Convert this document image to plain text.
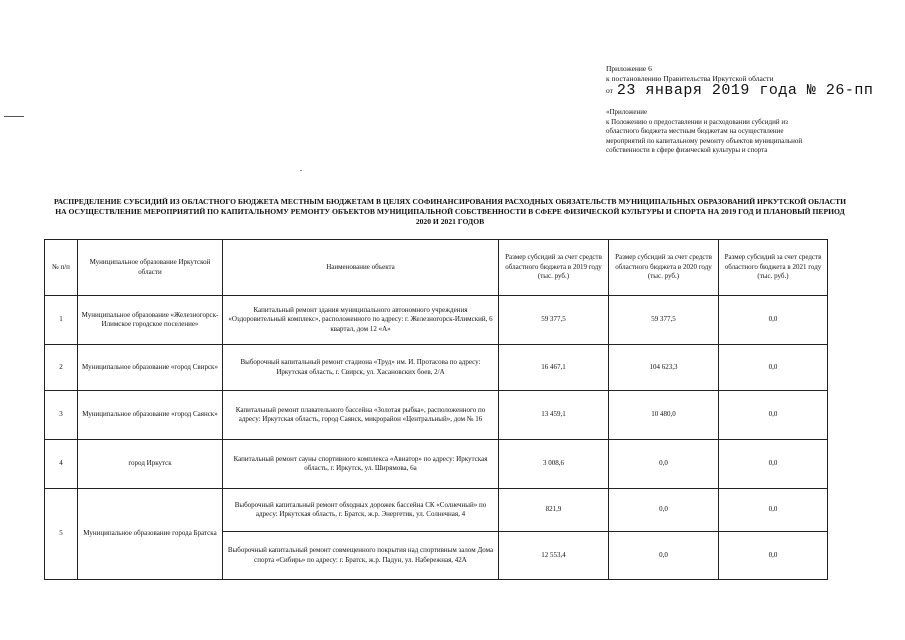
Приложение 6
к постановлению Правительства Иркутской области
от 23 января 2019 года № 26-пп
«Приложение
к Положению о предоставлении и расходовании субсидий из областного бюджета местным бюджетам на осуществление мероприятий по капитальному ремонту объектов муниципальной собственности в сфере физической культуры и спорта
РАСПРЕДЕЛЕНИЕ СУБСИДИЙ ИЗ ОБЛАСТНОГО БЮДЖЕТА МЕСТНЫМ БЮДЖЕТАМ В ЦЕЛЯХ СОФИНАНСИРОВАНИЯ РАСХОДНЫХ ОБЯЗАТЕЛЬСТВ МУНИЦИПАЛЬНЫХ ОБРАЗОВАНИЙ ИРКУТСКОЙ ОБЛАСТИ НА ОСУЩЕСТВЛЕНИЕ МЕРОПРИЯТИЙ ПО КАПИТАЛЬНОМУ РЕМОНТУ ОБЪЕКТОВ МУНИЦИПАЛЬНОЙ СОБСТВЕННОСТИ В СФЕРЕ ФИЗИЧЕСКОЙ КУЛЬТУРЫ И СПОРТА НА 2019 ГОД И ПЛАНОВЫЙ ПЕРИОД 2020 И 2021 ГОДОВ
№ п/п	Муниципальное образование Иркутской области	Наименование объекта	Размер субсидий за счет средств областного бюджета в 2019 году (тыс. руб.)	Размер субсидий за счет средств областного бюджета в 2020 году (тыс. руб.)	Размер субсидий за счет средств областного бюджета в 2021 году (тыс. руб.)
1	Муниципальное образование «Железногорск-Илимское городское поселение»	Капитальный ремонт здания муниципального автономного учреждения «Оздоровительный комплекс», расположенного по адресу: г. Железногорск-Илимский, 6 квартал, дом 12 «А»	59 377,5	59 377,5	0,0
2	Муниципальное образование «город Свирск»	Выборочный капитальный ремонт стадиона «Труд» им. И. Протасова по адресу: Иркутская область, г. Свирск, ул. Хасановских боев, 2/А	16 467,1	104 623,3	0,0
3	Муниципальное образование «город Саянск»	Капитальный ремонт плавательного бассейна «Золотая рыбка», расположенного по адресу: Иркутская область, город Саянск, микрорайон «Центральный», дом № 16	13 459,1	10 480,0	0,0
4	город Иркутск	Капитальный ремонт сауны спортивного комплекса «Авиатор» по адресу: Иркутская область, г. Иркутск, ул. Ширямова, 6а	3 008,6	0,0	0,0
5	Муниципальное образование города Братска	Выборочный капитальный ремонт обходных дорожек бассейна СК «Солнечный» по адресу: Иркутская область, г. Братск, ж.р. Энергетик, ул. Солнечная, 4	821,9	0,0	0,0
		Выборочный капитальный ремонт совмещенного покрытия над спортивным залом Дома спорта «Сибирь» по адресу: г. Братск, ж.р. Падун, ул. Набережная, 42А	12 553,4	0,0	0,0
